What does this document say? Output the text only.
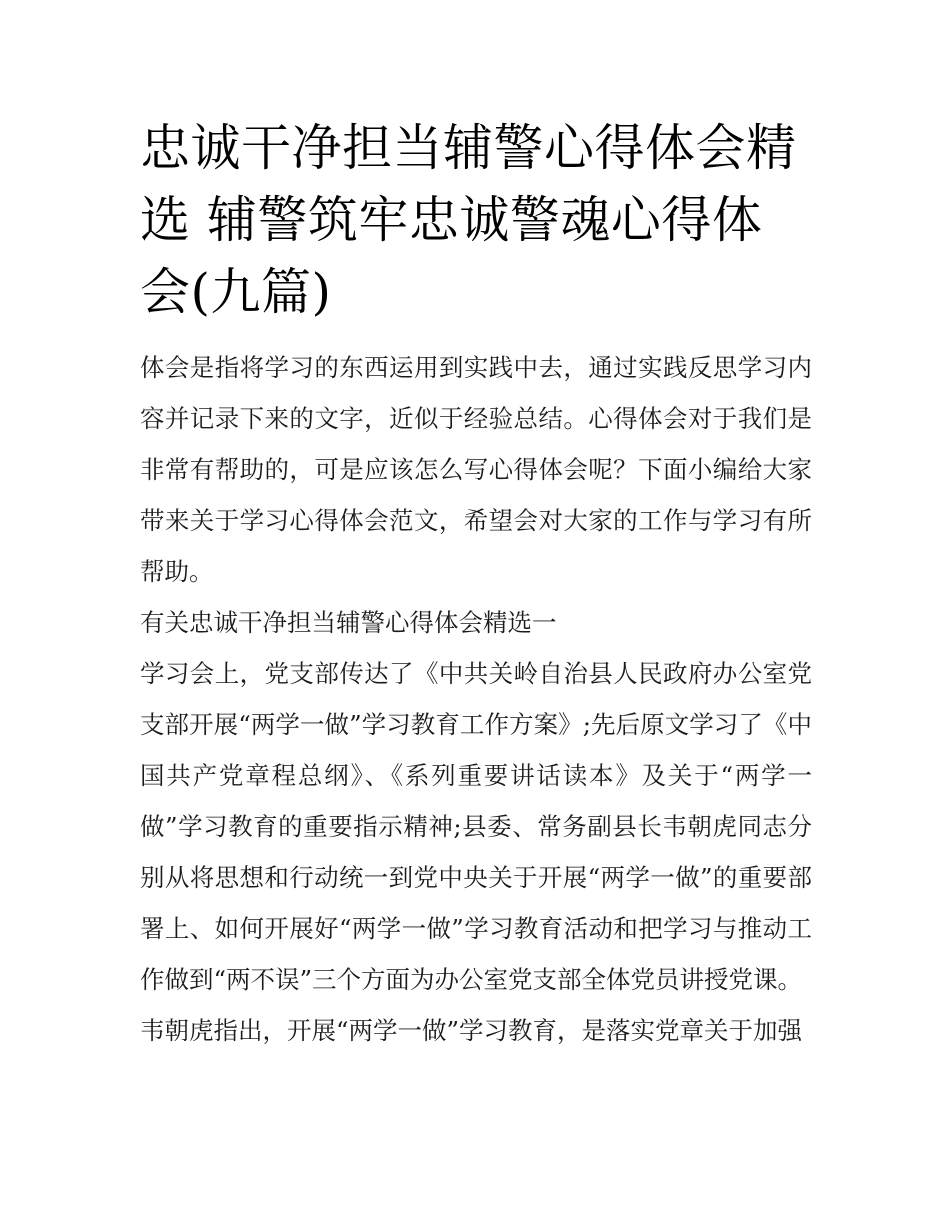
忠诚干净担当辅警心得体会精选 辅警筑牢忠诚警魂心得体会(九篇)

体会是指将学习的东西运用到实践中去，通过实践反思学习内容并记录下来的文字，近似于经验总结。心得体会对于我们是非常有帮助的，可是应该怎么写心得体会呢？下面小编给大家带来关于学习心得体会范文，希望会对大家的工作与学习有所帮助。

有关忠诚干净担当辅警心得体会精选一

学习会上，党支部传达了《中共关岭自治县人民政府办公室党支部开展“两学一做”学习教育工作方案》;先后原文学习了《中国共产党章程总纲》、《系列重要讲话读本》及关于“两学一做”学习教育的重要指示精神;县委、常务副县长韦朝虎同志分别从将思想和行动统一到党中央关于开展“两学一做”的重要部署上、如何开展好“两学一做”学习教育活动和把学习与推动工作做到“两不误”三个方面为办公室党支部全体党员讲授党课。

韦朝虎指出，开展“两学一做”学习教育，是落实党章关于加强
